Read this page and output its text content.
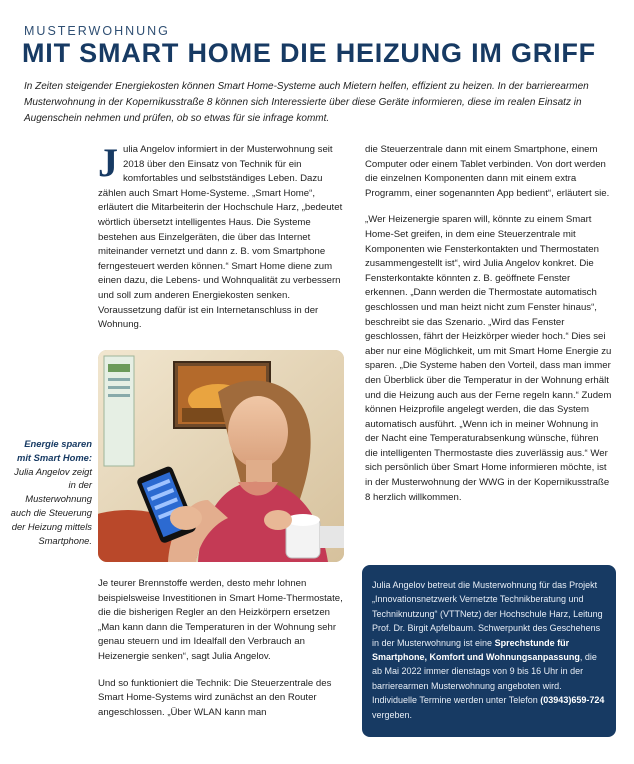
MUSTERWOHNUNG
MIT SMART HOME DIE HEIZUNG IM GRIFF
In Zeiten steigender Energiekosten können Smart Home-Systeme auch Mietern helfen, effizient zu heizen. In der barrierearmen Musterwohnung in der Kopernikusstraße 8 können sich Interessierte über diese Geräte informieren, diese im realen Einsatz in Augenschein nehmen und prüfen, ob so etwas für sie infrage kommt.
Julia Angelov informiert in der Musterwohnung seit 2018 über den Einsatz von Technik für ein komfortables und selbstständiges Leben. Dazu zählen auch Smart Home-Systeme. „Smart Home“, erläutert die Mitarbeiterin der Hochschule Harz, „bedeutet wörtlich übersetzt intelligentes Haus. Die Systeme bestehen aus Einzelgeräten, die über das Internet miteinander vernetzt und dann z. B. vom Smartphone ferngesteuert werden können.“ Smart Home diene zum einen dazu, die Lebens- und Wohnqualität zu verbessern und soll zum anderen Energiekosten senken. Voraussetzung dafür ist ein Internetanschluss in der Wohnung.
Energie sparen mit Smart Home: Julia Angelov zeigt in der Musterwohnung auch die Steuerung der Heizung mittels Smartphone.

Je teurer Brennstoffe werden, desto mehr lohnen beispielsweise Investitionen in Smart Home-Thermostate, die die bisherigen Regler an den Heizkörpern ersetzen „Man kann dann die Temperaturen in der Wohnung sehr genau steuern und im Idealfall den Verbrauch an Heizenergie senken“, sagt Julia Angelov.

Und so funktioniert die Technik: Die Steuerzentrale des Smart Home-Systems wird zunächst an den Router angeschlossen. „Über WLAN kann man

die Steuerzentrale dann mit einem Smartphone, einem Computer oder einem Tablet verbinden. Von dort werden die einzelnen Komponenten dann mit einem extra Programm, einer sogenannten App bedient“, erläutert sie.

„Wer Heizenergie sparen will, könnte zu einem Smart Home-Set greifen, in dem eine Steuerzentrale mit Komponenten wie Fensterkontakten und Thermostaten zusammengestellt ist“, wird Julia Angelov konkret. Die Fensterkontakte könnten z. B. geöffnete Fenster erkennen. „Dann werden die Thermostate automatisch geschlossen und man heizt nicht zum Fenster hinaus“, beschreibt sie das Szenario. „Wird das Fenster geschlossen, fährt der Heizkörper wieder hoch.“ Dies sei aber nur eine Möglichkeit, um mit Smart Home Energie zu sparen. „Die Systeme haben den Vorteil, dass man immer den Überblick über die Temperatur in der Wohnung erhält und die Heizung auch aus der Ferne regeln kann.“ Zudem können Heizprofile angelegt werden, die das System automatisch ausführt. „Wenn ich in meiner Wohnung in der Nacht eine Temperaturabsenkung wünsche, führen die intelligenten Thermostaste dies zuverlässig aus.“ Wer sich persönlich über Smart Home informieren möchte, ist in der Musterwohnung der WWG in der Kopernikusstraße 8 herzlich willkommen.

Julia Angelov betreut die Musterwohnung für das Projekt „Innovationsnetzwerk Vernetzte Technikberatung und Techniknutzung“ (VTTNetz) der Hochschule Harz, Leitung Prof. Dr. Birgit Apfelbaum. Schwerpunkt des Geschehens in der Musterwohnung ist eine Sprechstunde für Smartphone, Komfort und Wohnungsanpassung, die ab Mai 2022 immer dienstags von 9 bis 16 Uhr in der barrierearmen Musterwohnung angeboten wird. Individuelle Termine werden unter Telefon (03943)659-724 vergeben.
